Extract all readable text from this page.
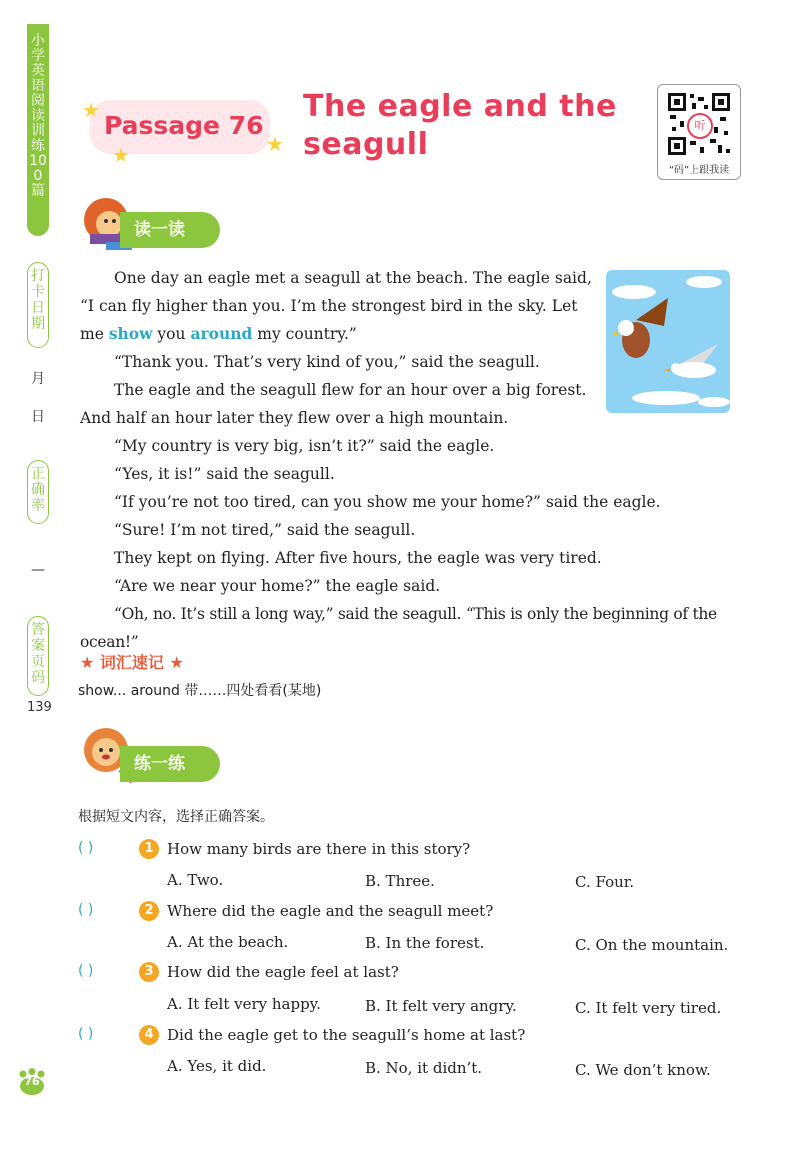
小学英语阅读训练100篇
打卡日期
月
日
正确率
—
答案页码
139
★
★	★
Passage 76
The eagle and the seagull
听
“码”上跟我读
读一读
One day an eagle met a seagull at the beach. The eagle said, “I can fly higher than you. I’m the strongest bird in the sky. Let me show you around my country.”
“Thank you. That’s very kind of you,” said the seagull.
The eagle and the seagull flew for an hour over a big forest. And half an hour later they flew over a high mountain.
“My country is very big, isn’t it?” said the eagle.
“Yes, it is!” said the seagull.
“If you’re not too tired, can you show me your home?” said the eagle.
“Sure! I’m not tired,” said the seagull.
They kept on flying. After five hours, the eagle was very tired.
“Are we near your home?” the eagle said.
“Oh, no. It’s still a long way,” said the seagull. “This is only the beginning of the ocean!”
★ 词汇速记 ★
show... around 带……四处看看(某地)
练一练
根据短文内容，选择正确答案。
( )	1 How many birds are there in this story?
A. Two.	B. Three.	C. Four.
( )	2 Where did the eagle and the seagull meet?
A. At the beach.	B. In the forest.	C. On the mountain.
( )	3 How did the eagle feel at last?
A. It felt very happy.	B. It felt very angry.	C. It felt very tired.
( )	4 Did the eagle get to the seagull’s home at last?
A. Yes, it did.	B. No, it didn’t.	C. We don’t know.
76
